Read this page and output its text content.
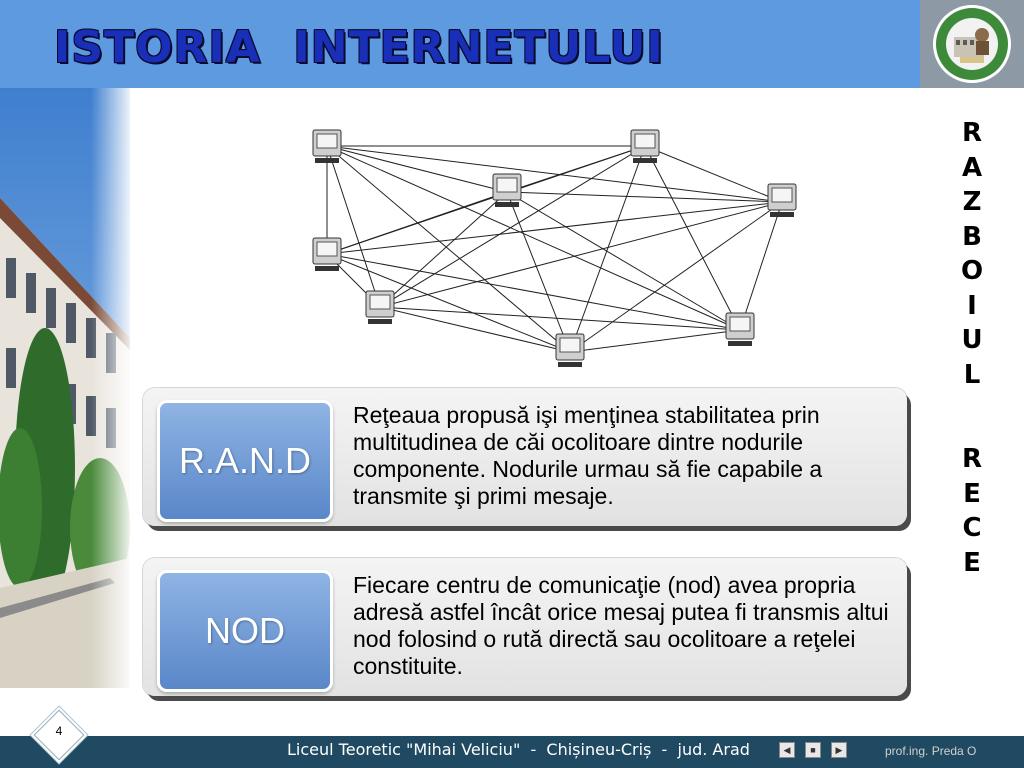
ISTORIA  INTERNETULUI
R.A.N.D

Reţeaua propusă işi menţinea stabilitatea prin multitudinea de căi ocolitoare dintre nodurile componente. Nodurile urmau să fie capabile a transmite şi primi mesaje.

NOD

Fiecare centru de comunicaţie (nod) avea propria adresă astfel încât orice mesaj putea fi transmis altui nod folosind o rută directă sau ocolitoare a reţelei constituite.

R
A
Z
B
O
I
U
L
R
E
C
E
Liceul Teoretic "Mihai Veliciu"  -  Chișineu-Criș  -  jud. Arad	◀	■	▶	prof.ing. Preda O
4
